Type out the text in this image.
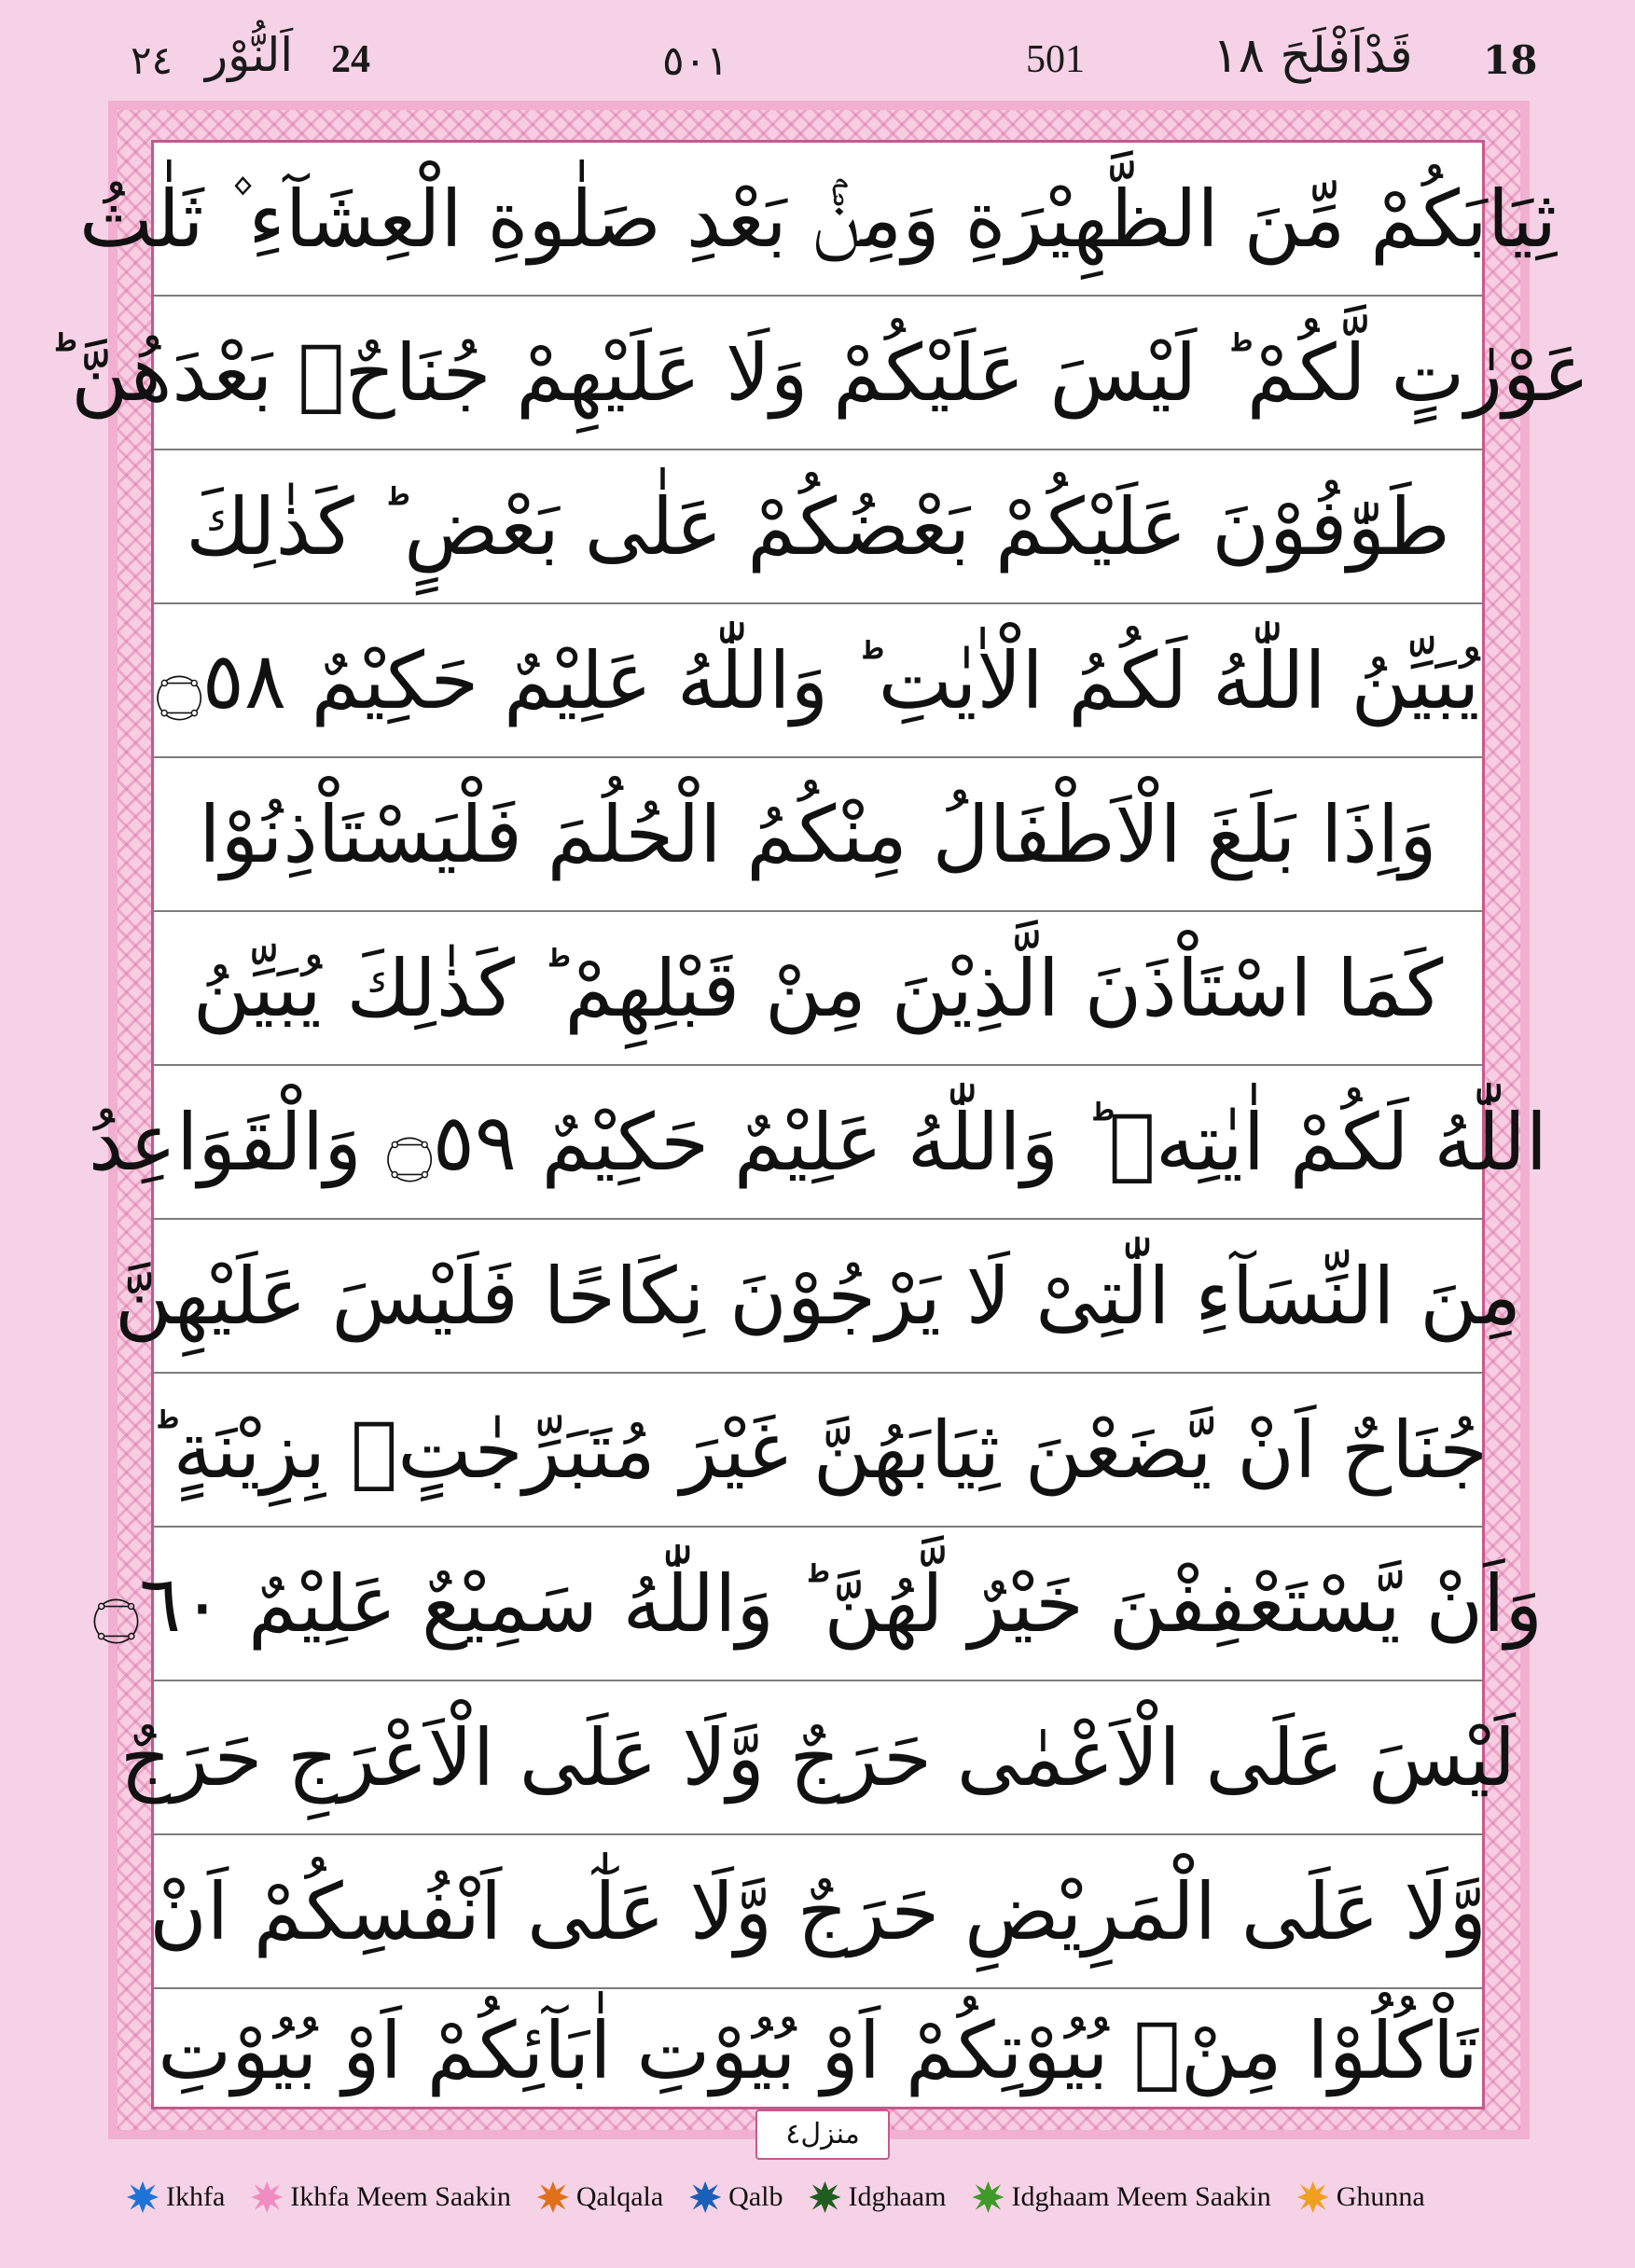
18
قَدْاَفْلَحَ ١٨
501
٥٠١
24
اَلنُّوْر
٢٤
ثِيَابَكُمْ مِّنَ الظَّهِيْرَةِ وَمِنْۢ بَعْدِ صَلٰوةِ الْعِشَآءِ ۫ ثَلٰثُ
عَوْرٰتٍ لَّكُمْ ؕ لَيْسَ عَلَيْكُمْ وَلَا عَلَيْهِمْ جُنَاحٌۢ بَعْدَهُنَّ ؕ
طَوّٰفُوْنَ عَلَيْكُمْ بَعْضُكُمْ عَلٰى بَعْضٍ ؕ كَذٰلِكَ
يُبَيِّنُ اللّٰهُ لَكُمُ الْاٰيٰتِ ؕ وَاللّٰهُ عَلِيْمٌ حَكِيْمٌ ۝٥٨
وَاِذَا بَلَغَ الْاَطْفَالُ مِنْكُمُ الْحُلُمَ فَلْيَسْتَاْذِنُوْا
كَمَا اسْتَاْذَنَ الَّذِيْنَ مِنْ قَبْلِهِمْ ؕ كَذٰلِكَ يُبَيِّنُ
اللّٰهُ لَكُمْ اٰيٰتِهٖ ؕ وَاللّٰهُ عَلِيْمٌ حَكِيْمٌ ۝٥٩ وَالْقَوَاعِدُ
مِنَ النِّسَآءِ الّٰتِىْ لَا يَرْجُوْنَ نِكَاحًا فَلَيْسَ عَلَيْهِنَّ
جُنَاحٌ اَنْ يَّضَعْنَ ثِيَابَهُنَّ غَيْرَ مُتَبَرِّجٰتٍۢ بِزِيْنَةٍ ؕ
وَاَنْ يَّسْتَعْفِفْنَ خَيْرٌ لَّهُنَّ ؕ وَاللّٰهُ سَمِيْعٌ عَلِيْمٌ ۝٦٠
لَيْسَ عَلَى الْاَعْمٰى حَرَجٌ وَّلَا عَلَى الْاَعْرَجِ حَرَجٌ
وَّلَا عَلَى الْمَرِيْضِ حَرَجٌ وَّلَا عَلٰٓى اَنْفُسِكُمْ اَنْ
تَاْكُلُوْا مِنْۢ بُيُوْتِكُمْ اَوْ بُيُوْتِ اٰبَآئِكُمْ اَوْ بُيُوْتِ
منزل٤
Ikhfa Ikhfa Meem Saakin Qalqala Qalb Idghaam Idghaam Meem Saakin Ghunna
